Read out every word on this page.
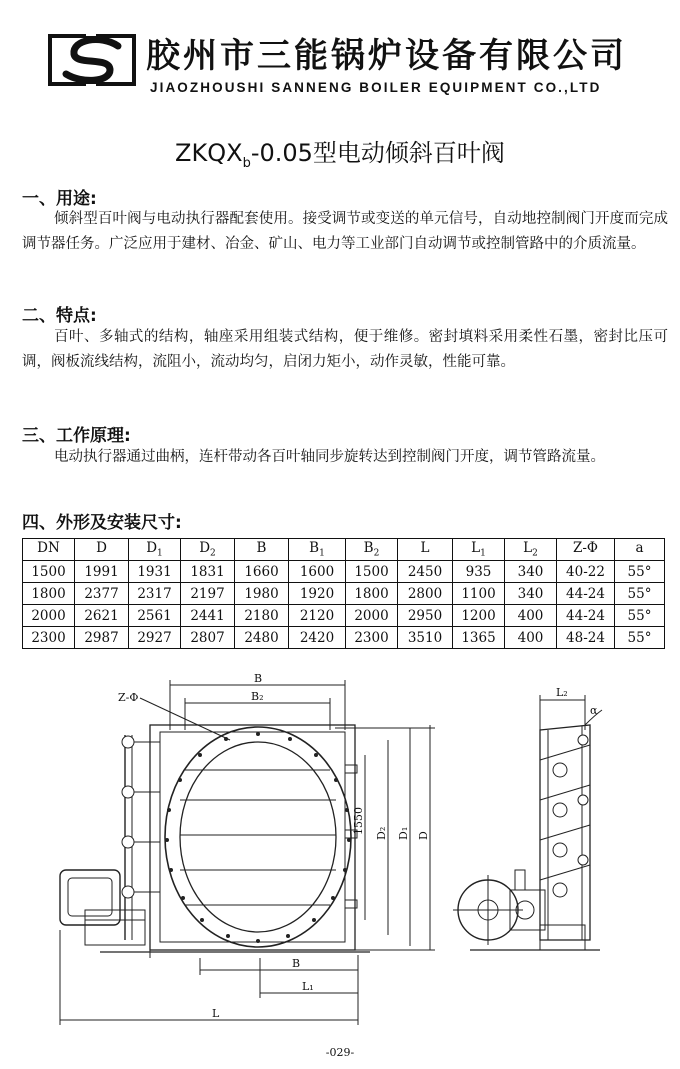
胶州市三能锅炉设备有限公司
JIAOZHOUSHI SANNENG BOILER EQUIPMENT CO.,LTD
$ZKQX_b-0.05$型电动倾斜百叶阀
一、用途:

倾斜型百叶阀与电动执行器配套使用。接受调节或变送的单元信号，自动地控制阀门开度而完成调节器任务。广泛应用于建材、冶金、矿山、电力等工业部门自动调节或控制管路中的介质流量。

二、特点:

百叶、多轴式的结构，轴座采用组装式结构，便于维修。密封填料采用柔性石墨，密封比压可调，阀板流线结构，流阻小，流动均匀，启闭力矩小，动作灵敏，性能可靠。

三、工作原理:

电动执行器通过曲柄，连杆带动各百叶轴同步旋转达到控制阀门开度，调节管路流量。

四、外形及安装尺寸:
DN	D	$D_1$	$D_2$	B	$B_1$	$B_2$	L	$L_1$	$L_2$	Z-Φ	a
1500	1991	1931	1831	1660	1600	1500	2450	935	340	40-22	55°
1800	2377	2317	2197	1980	1920	1800	2800	1100	340	44-24	55°
2000	2621	2561	2441	2180	2120	2000	2950	1200	400	44-24	55°
2300	2987	2927	2807	2480	2420	2300	3510	1365	400	48-24	55°
B
B₂
Z-Φ
1550 D₂ D₁ D
B
L₁
L
L₂
α
-029-
